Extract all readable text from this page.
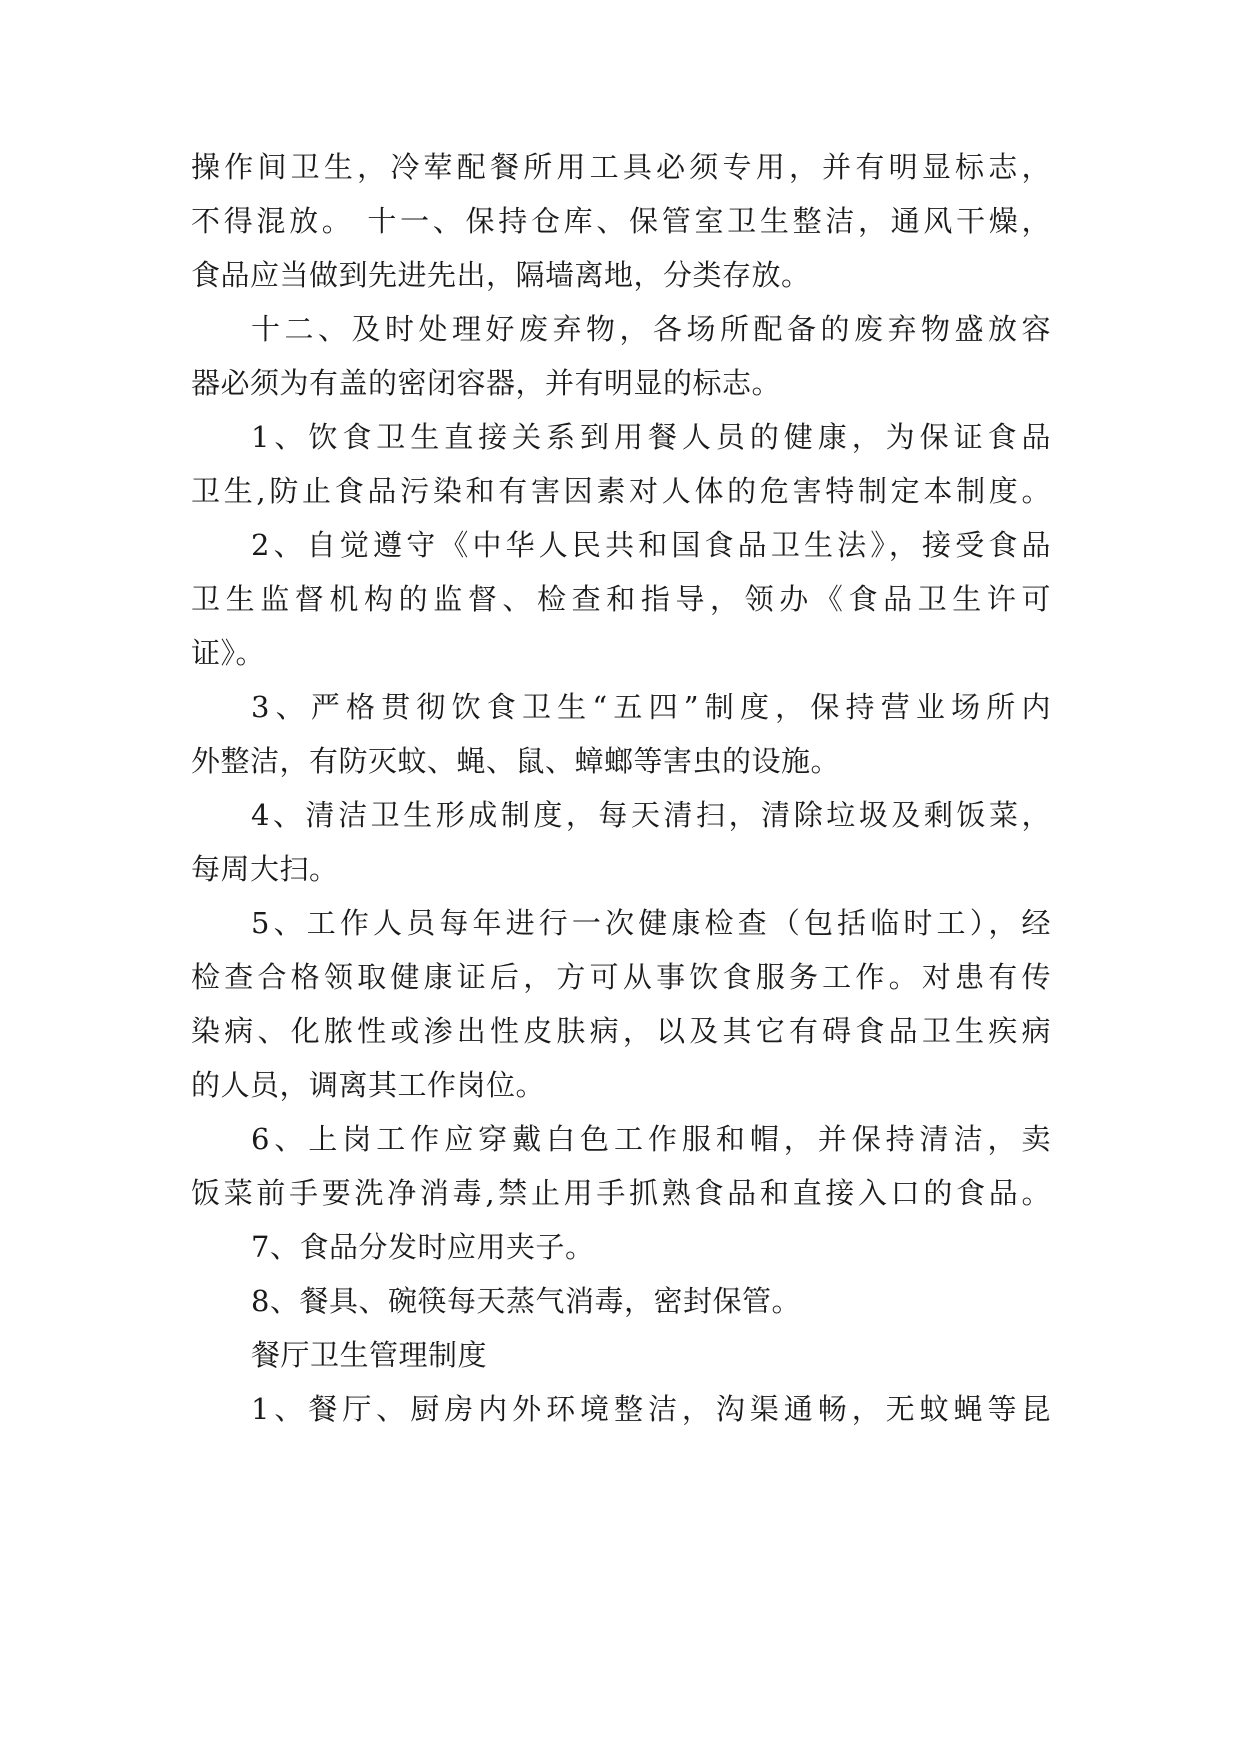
操作间卫生，冷荤配餐所用工具必须专用，并有明显标志，

不得混放。 十一、保持仓库、保管室卫生整洁，通风干燥，

食品应当做到先进先出，隔墙离地，分类存放。

十二、及时处理好废弃物，各场所配备的废弃物盛放容

器必须为有盖的密闭容器，并有明显的标志。

1、饮食卫生直接关系到用餐人员的健康，为保证食品

卫生,防止食品污染和有害因素对人体的危害特制定本制度。

2、自觉遵守《中华人民共和国食品卫生法》，接受食品

卫生监督机构的监督、检查和指导，领办《食品卫生许可

证》。

3、严格贯彻饮食卫生“五四”制度，保持营业场所内

外整洁，有防灭蚊、蝇、鼠、蟑螂等害虫的设施。

4、清洁卫生形成制度，每天清扫，清除垃圾及剩饭菜，

每周大扫。

5、工作人员每年进行一次健康检查（包括临时工），经

检查合格领取健康证后，方可从事饮食服务工作。对患有传

染病、化脓性或渗出性皮肤病，以及其它有碍食品卫生疾病

的人员，调离其工作岗位。

6、上岗工作应穿戴白色工作服和帽，并保持清洁，卖

饭菜前手要洗净消毒,禁止用手抓熟食品和直接入口的食品。

7、食品分发时应用夹子。

8、餐具、碗筷每天蒸气消毒，密封保管。

餐厅卫生管理制度

1、餐厅、厨房内外环境整洁，沟渠通畅，无蚊蝇等昆
